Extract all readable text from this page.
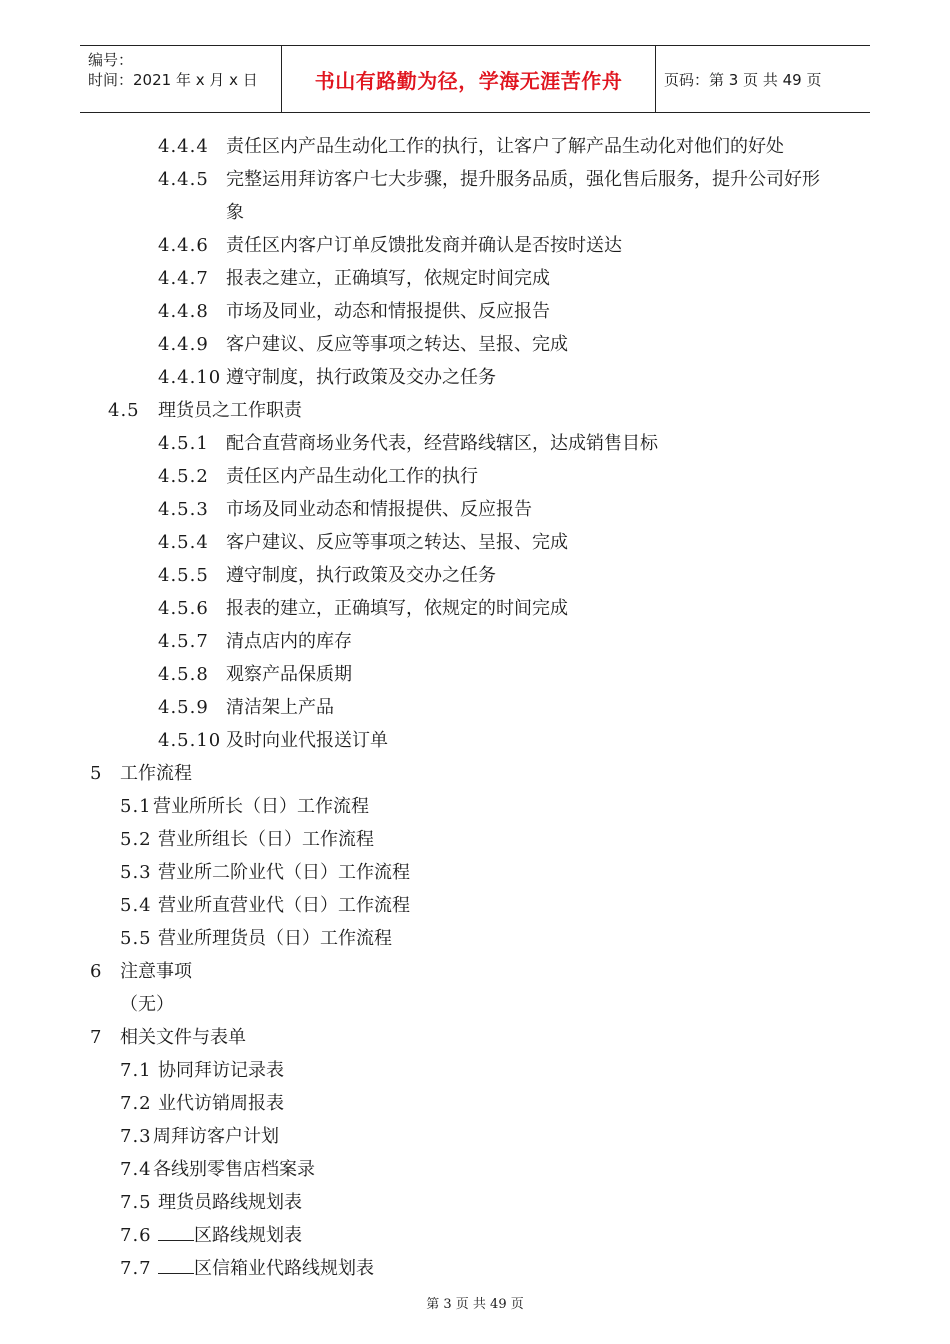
编号：
时间：2021 年 x 月 x 日	书山有路勤为径，学海无涯苦作舟	页码：第 3 页 共 49 页
4.4.4 责任区内产品生动化工作的执行，让客户了解产品生动化对他们的好处
4.4.5 完整运用拜访客户七大步骤，提升服务品质，强化售后服务，提升公司好形
象
4.4.6 责任区内客户订单反馈批发商并确认是否按时送达
4.4.7 报表之建立，正确填写，依规定时间完成
4.4.8 市场及同业，动态和情报提供、反应报告
4.4.9 客户建议、反应等事项之转达、呈报、完成
4.4.10 遵守制度，执行政策及交办之任务
4.5 理货员之工作职责
4.5.1 配合直营商场业务代表，经营路线辖区，达成销售目标
4.5.2 责任区内产品生动化工作的执行
4.5.3 市场及同业动态和情报提供、反应报告
4.5.4 客户建议、反应等事项之转达、呈报、完成
4.5.5 遵守制度，执行政策及交办之任务
4.5.6 报表的建立，正确填写，依规定的时间完成
4.5.7 清点店内的库存
4.5.8 观察产品保质期
4.5.9 清洁架上产品
4.5.10 及时向业代报送订单
5 工作流程
5.1营业所所长（日）工作流程
5.2 营业所组长（日）工作流程
5.3 营业所二阶业代（日）工作流程
5.4 营业所直营业代（日）工作流程
5.5 营业所理货员（日）工作流程
6 注意事项
（无）
7 相关文件与表单
7.1 协同拜访记录表
7.2 业代访销周报表
7.3周拜访客户计划
7.4各线别零售店档案录
7.5 理货员路线规划表
7.6 区路线规划表
7.7 区信箱业代路线规划表
第 3 页 共 49 页
